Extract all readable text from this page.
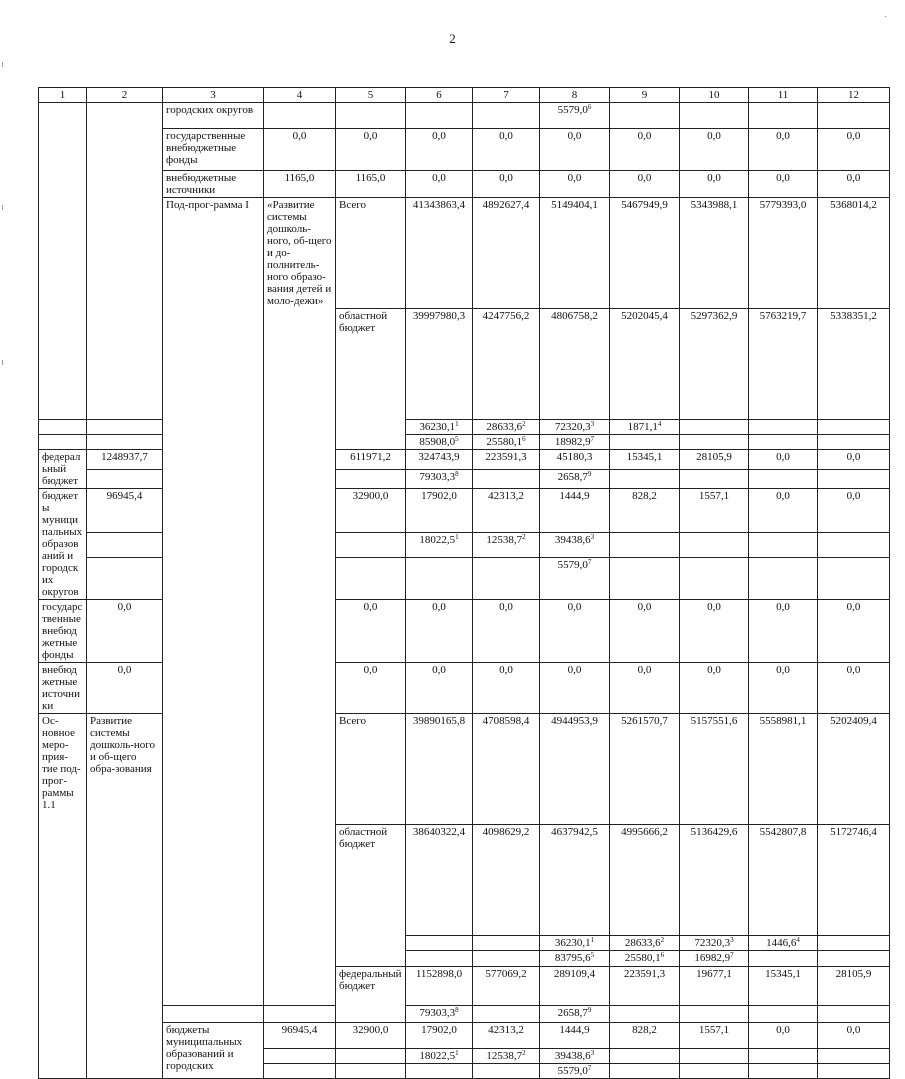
2
·
1	2	3	4	5	6	7	8	9	10	11	12	
		городских округов					5579,0$^6$				
		государственные внебюджетные фонды	0,0	0,0	0,0	0,0	0,0	0,0	0,0	0,0	0,0	
		внебюджетные источники	1165,0	1165,0	0,0	0,0	0,0	0,0	0,0	0,0	0,0	
		Под-прог-рамма I	«Развитие системы дошколь-ного, об-щего и до-полнитель-ного образо-вания детей и моло-дежи»	Всего	41343863,4	4892627,4	5149404,1	5467949,9	5343988,1	5779393,0	5368014,2		
				областной бюджет	39997980,3	4247756,2	4806758,2	5202045,4	5297362,9	5763219,7	5338351,2		
					36230,1$^1$	28633,6$^2$	72320,3$^3$	1871,1$^4$			
					85908,0$^5$	25580,1$^6$	18982,9$^7$				
федеральный бюджет	1248937,7			611971,2	324743,9	223591,3	45180,3	15345,1	28105,9	0,0	0,0	
					79303,3$^8$		2658,7$^9$				
бюджеты муниципальных образований и городских округов	96945,4			32900,0	17902,0	42313,2	1444,9	828,2	1557,1	0,0	0,0	
					18022,5$^1$	12538,7$^2$	39438,6$^3$				
							5579,0$^7$				
государственные внебюджетные фонды	0,0			0,0	0,0	0,0	0,0	0,0	0,0	0,0	0,0	
внебюджетные источники	0,0			0,0	0,0	0,0	0,0	0,0	0,0	0,0	0,0	
Ос-новное меро-прия-тие под-прог-раммы 1.1	Развитие системы дошколь-ного и об-щего обра-зования			Всего	39890165,8	4708598,4	4944953,9	5261570,7	5157551,6	5558981,1	5202409,4		
				областной бюджет	38640322,4	4098629,2	4637942,5	4995666,2	5136429,6	5542807,8	5172746,4		
							36230,1$^1$	28633,6$^2$	72320,3$^3$	1446,6$^4$			
							83795,6$^5$	25580,1$^6$	16982,9$^7$				
				федеральный бюджет	1152898,0	577069,2	289109,4	223591,3	19677,1	15345,1	28105,9		
					79303,3$^8$		2658,7$^9$				
		бюджеты муниципальных образований и городских	96945,4	32900,0	17902,0	42313,2	1444,9	828,2	1557,1	0,0	0,0	
					18022,5$^1$	12538,7$^2$	39438,6$^3$				
							5579,0$^7$				
